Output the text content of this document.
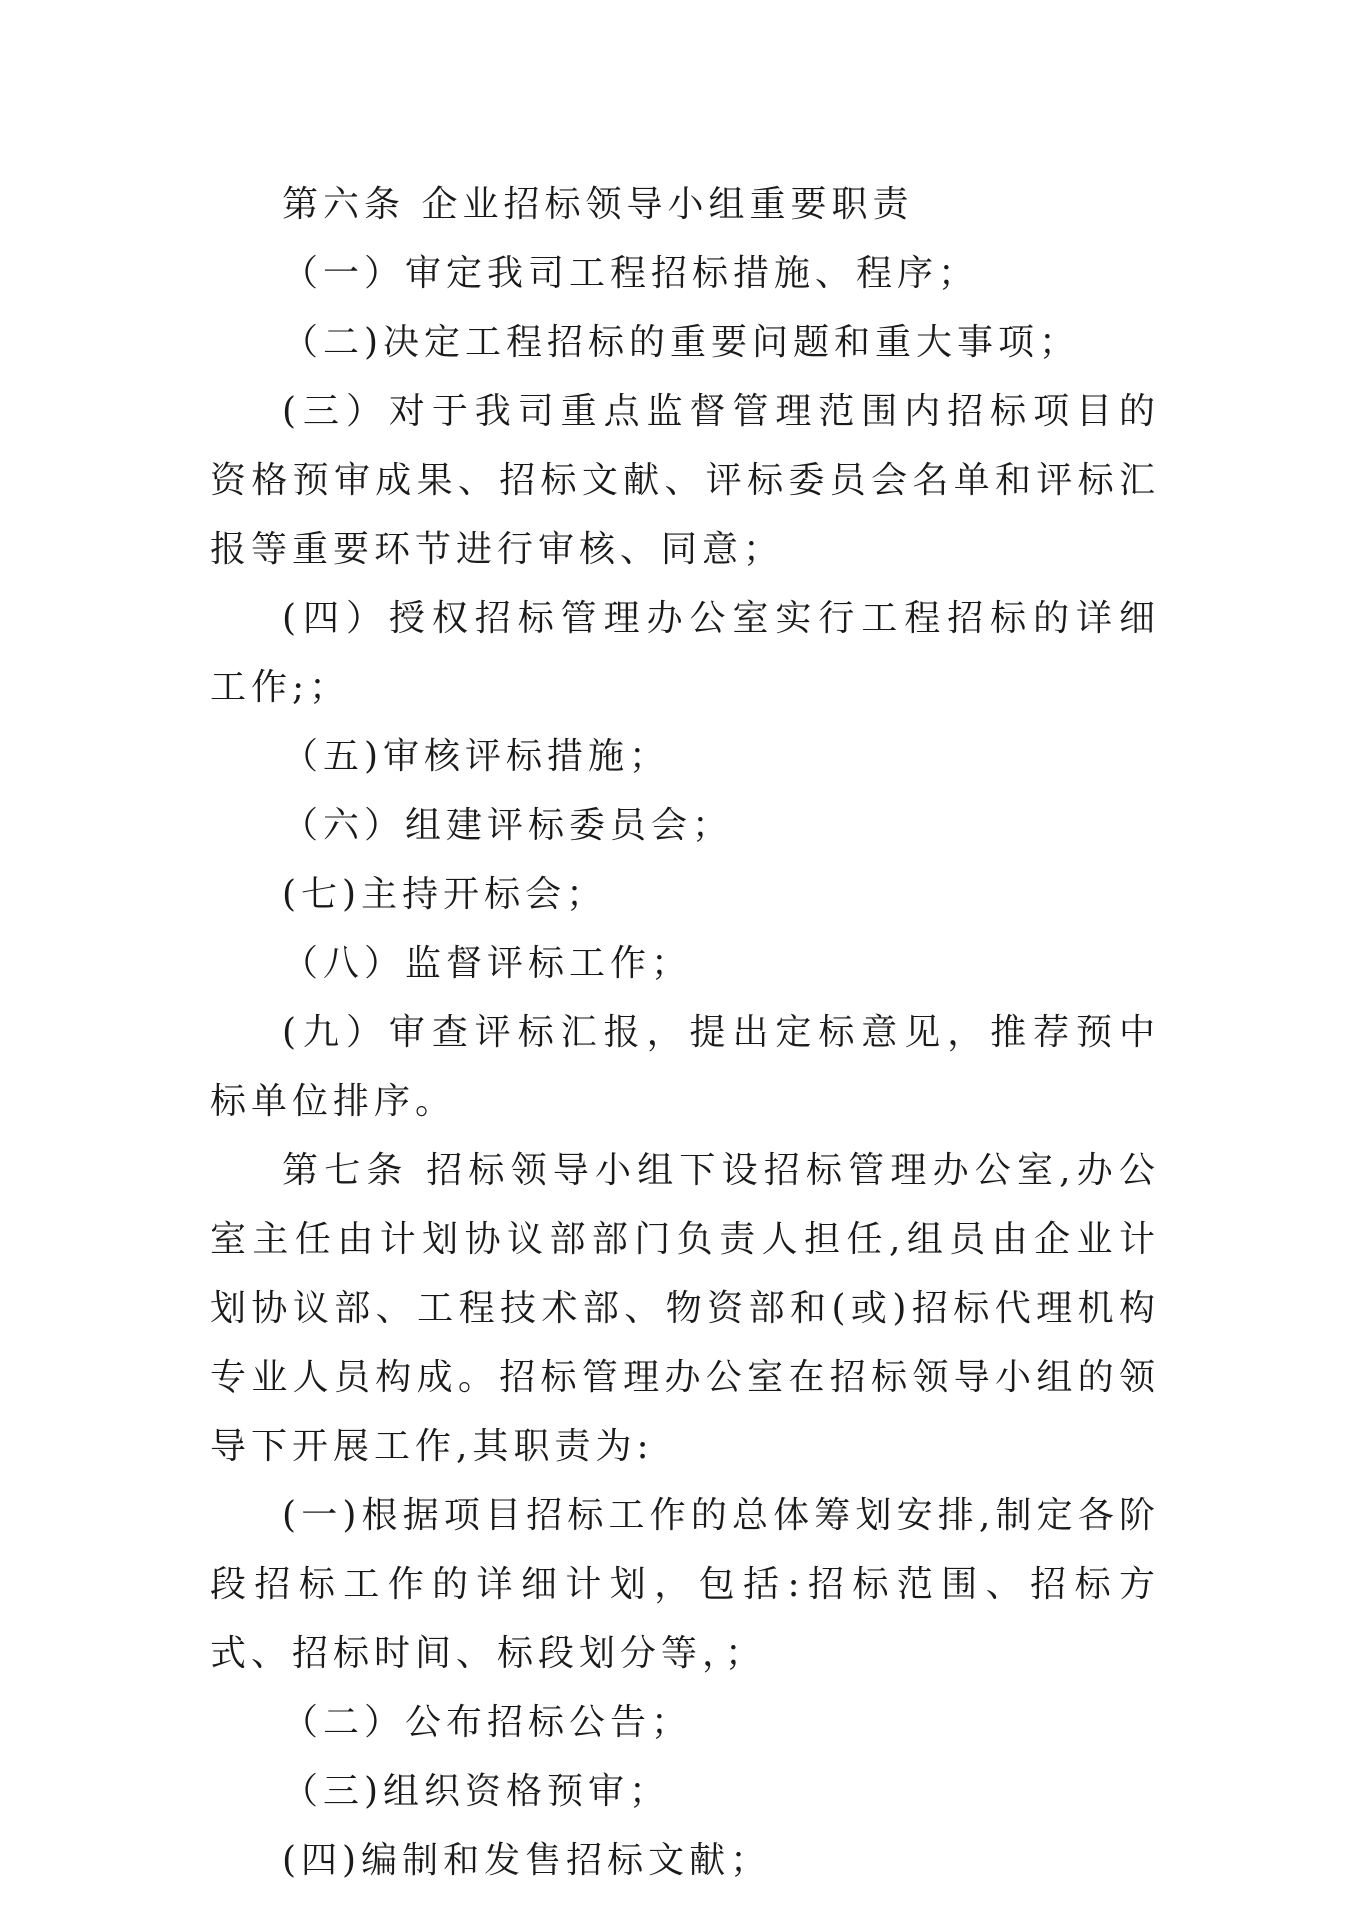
第六条 企业招标领导小组重要职责

（一）审定我司工程招标措施、程序；

（二)决定工程招标的重要问题和重大事项；

(三）对于我司重点监督管理范围内招标项目的资格预审成果、招标文献、评标委员会名单和评标汇报等重要环节进行审核、同意；

(四）授权招标管理办公室实行工程招标的详细工作;；

（五)审核评标措施；

（六）组建评标委员会；

(七)主持开标会；

（八）监督评标工作；

(九）审查评标汇报，提出定标意见，推荐预中标单位排序。

第七条 招标领导小组下设招标管理办公室,办公室主任由计划协议部部门负责人担任,组员由企业计划协议部、工程技术部、物资部和(或)招标代理机构专业人员构成。招标管理办公室在招标领导小组的领导下开展工作,其职责为:

(一)根据项目招标工作的总体筹划安排,制定各阶段招标工作的详细计划，包括:招标范围、招标方式、招标时间、标段划分等，；

（二）公布招标公告；

（三)组织资格预审；

(四)编制和发售招标文献；
